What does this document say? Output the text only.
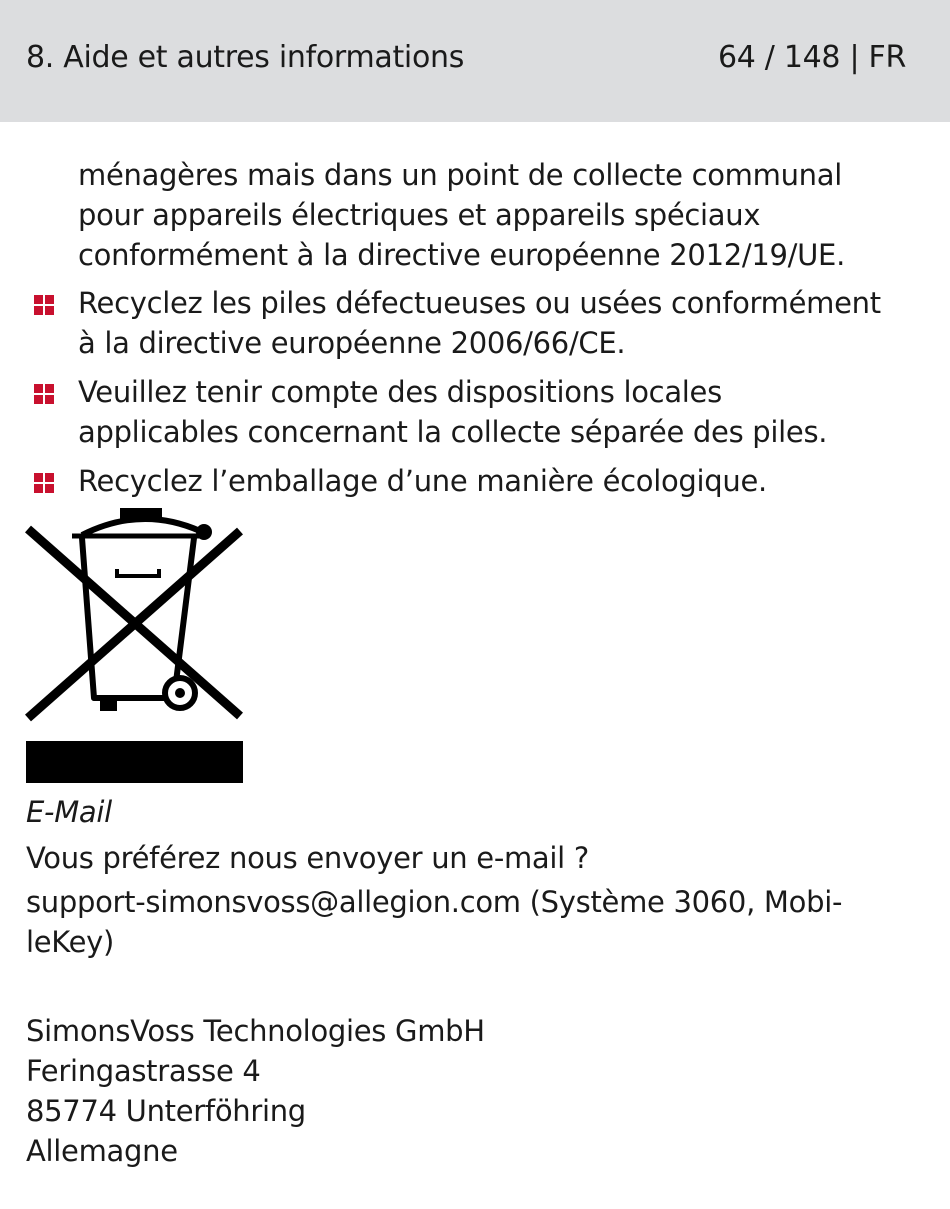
8. Aide et autres informations	64 / 148 | FR
ménagères mais dans un point de collecte communal
pour appareils électriques et appareils spéciaux
conformément à la directive européenne 2012/19/UE.
Recyclez les piles défectueuses ou usées conformément
à la directive européenne 2006/66/CE.
Veuillez tenir compte des dispositions locales
applicables concernant la collecte séparée des piles.
Recyclez l’emballage d’une manière écologique.
E-Mail
Vous préférez nous envoyer un e-mail ?
support-simonsvoss@allegion.com (Système 3060, Mobi-
leKey)
SimonsVoss Technologies GmbH
Feringastrasse 4
85774 Unterföhring
Allemagne
